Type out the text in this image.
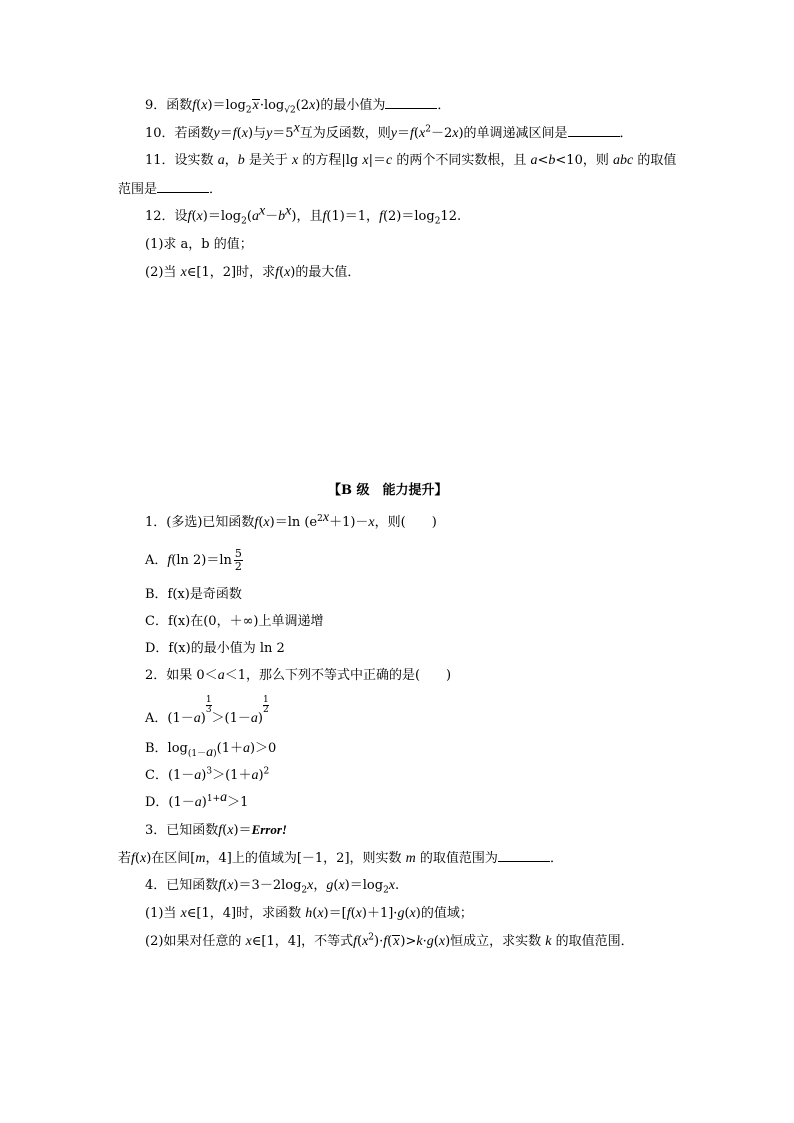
9．函数$f(x)=\log_2x\cdot\log_{√2}(2x)$的最小值为	．
10．若函数y＝f(x)与$y=5^x$互为反函数，则$y=f(x^2-2x)$的单调递减区间是	．
11．设实数 a，b 是关于 x 的方程|lg x|＝c 的两个不同实数根，且 a<b<10，则 abc 的取值
范围是	．
12．设$f(x)=\log_2(a^x-b^x)$，且f(1)＝1，$f(2)=\log_212$.
(1)求 a，b 的值；
(2)当 x∈[1，2]时，求f(x)的最大值．
【B 级　能力提升】
1．(多选)已知函数f(x)＝ln $(e^{2x}+1)-x$，则(　　)
A．f(ln $2)=\ln \frac{5}{2}$
B．f(x)是奇函数
C．f(x)在(0，＋∞)上单调递增
D．f(x)的最小值为 ln 2
2．如果 0＜a＜1，那么下列不等式中正确的是(　　)
A．(1－a)
$\frac{1}{3}>(1-a)$
$\frac{1}{2}$
B．$\log_{(1-a)}(1+a)>0$
C．$(1-a)^3>(1+a)^2$
D．$(1-a)^{1+a}>1$
3．已知函数f(x)＝Error!
若f(x)在区间[m，4]上的值域为[－1，2]，则实数 m 的取值范围为	．
4．已知函数$f(x)=3-2\log_2x$，$g(x)=\log_2x$.
(1)当 x∈[1，4]时，求函数 h(x)＝[f(x)＋1]·g(x)的值域；
(2)如果对任意的 x∈[1，4]，不等式$f(x^2)\cdot f(x)>k\cdot g(x)$恒成立，求实数 k 的取值范围．
